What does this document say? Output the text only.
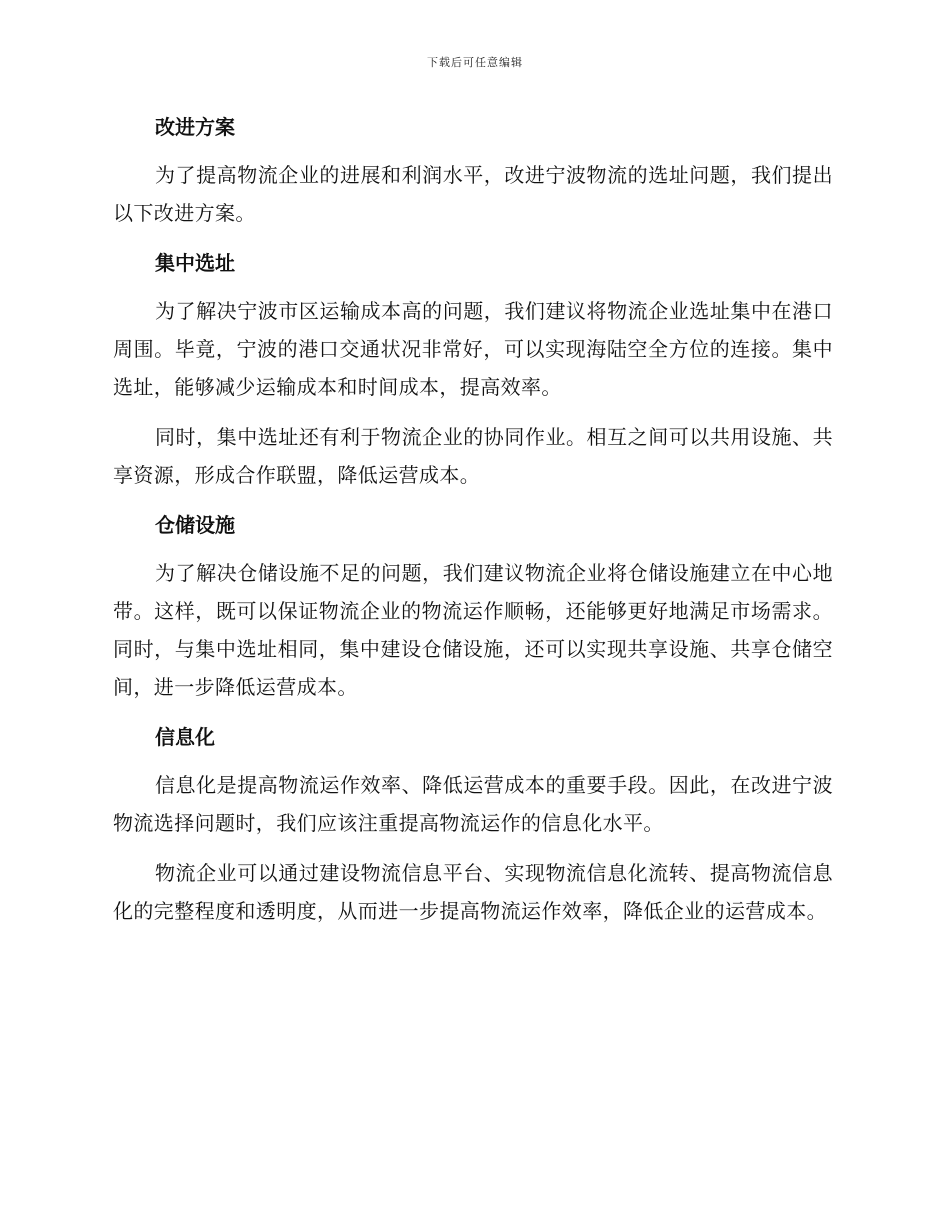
下载后可任意编辑
改进方案

为了提高物流企业的进展和利润水平，改进宁波物流的选址问题，我们提出以下改进方案。

集中选址

为了解决宁波市区运输成本高的问题，我们建议将物流企业选址集中在港口周围。毕竟，宁波的港口交通状况非常好，可以实现海陆空全方位的连接。集中选址，能够减少运输成本和时间成本，提高效率。

同时，集中选址还有利于物流企业的协同作业。相互之间可以共用设施、共享资源，形成合作联盟，降低运营成本。

仓储设施

为了解决仓储设施不足的问题，我们建议物流企业将仓储设施建立在中心地带。这样，既可以保证物流企业的物流运作顺畅，还能够更好地满足市场需求。同时，与集中选址相同，集中建设仓储设施，还可以实现共享设施、共享仓储空间，进一步降低运营成本。

信息化

信息化是提高物流运作效率、降低运营成本的重要手段。因此，在改进宁波物流选择问题时，我们应该注重提高物流运作的信息化水平。

物流企业可以通过建设物流信息平台、实现物流信息化流转、提高物流信息化的完整程度和透明度，从而进一步提高物流运作效率，降低企业的运营成本。
